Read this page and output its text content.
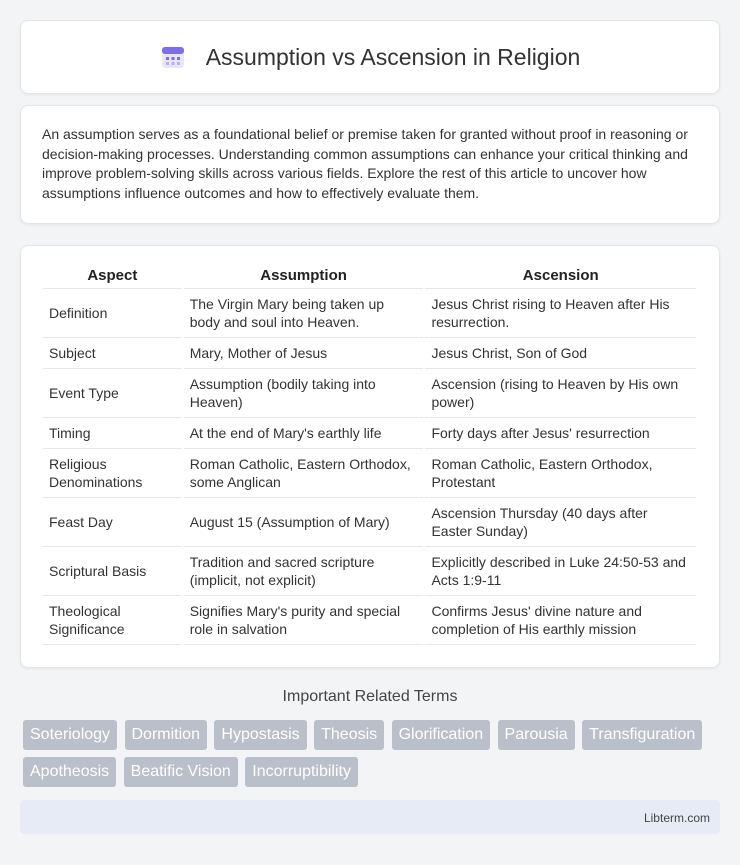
Assumption vs Ascension in Religion

An assumption serves as a foundational belief or premise taken for granted without proof in reasoning or decision-making processes. Understanding common assumptions can enhance your critical thinking and improve problem-solving skills across various fields. Explore the rest of this article to uncover how assumptions influence outcomes and how to effectively evaluate them.

Aspect	Assumption	Ascension
Definition	The Virgin Mary being taken up body and soul into Heaven.	Jesus Christ rising to Heaven after His resurrection.
Subject	Mary, Mother of Jesus	Jesus Christ, Son of God
Event Type	Assumption (bodily taking into Heaven)	Ascension (rising to Heaven by His own power)
Timing	At the end of Mary's earthly life	Forty days after Jesus' resurrection
Religious Denominations	Roman Catholic, Eastern Orthodox, some Anglican	Roman Catholic, Eastern Orthodox, Protestant
Feast Day	August 15 (Assumption of Mary)	Ascension Thursday (40 days after Easter Sunday)
Scriptural Basis	Tradition and sacred scripture (implicit, not explicit)	Explicitly described in Luke 24:50-53 and Acts 1:9-11
Theological Significance	Signifies Mary's purity and special role in salvation	Confirms Jesus' divine nature and completion of His earthly mission
Important Related Terms
Soteriology Dormition Hypostasis Theosis Glorification Parousia Transfiguration Apotheosis Beatific Vision Incorruptibility
Libterm.com
